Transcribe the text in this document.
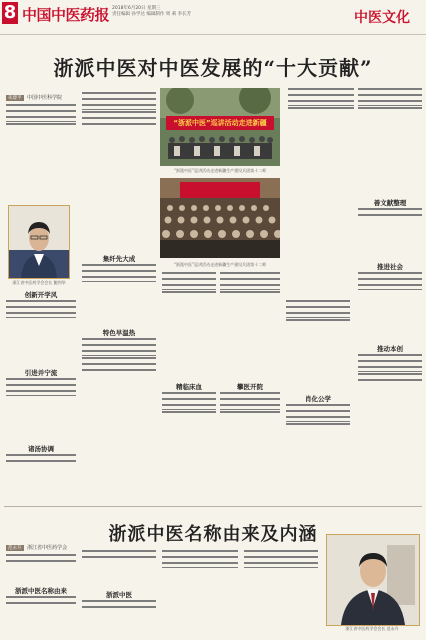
8 中国中医药报 2018年6月20日 星期三
责任编辑 孙学达 编辑制作 周 莉 李长芳	中医文化
浙派中医对中医发展的“十大贡献”
朱建平 中国中医科学院

浙江省中医药学会会长 鲍剑华
创新开学风

引进并宁流

诸汤协调

集纤先大成

特色早温热

“浙派中医”巡讲活动走进新疆
“浙派中医”巡讲活动走进新疆生产建设兵团第十二师
“浙派中医”巡讲活动走进新疆生产建设兵团第十二师

精临床血	攀医开院

肖化公学

善文献整理

推进社会

推动本创

浙派中医名称由来及内涵
范永升 浙江省中医药学会

浙派中医名称由来	浙派中医

浙江省中医药学会会长 范永升
